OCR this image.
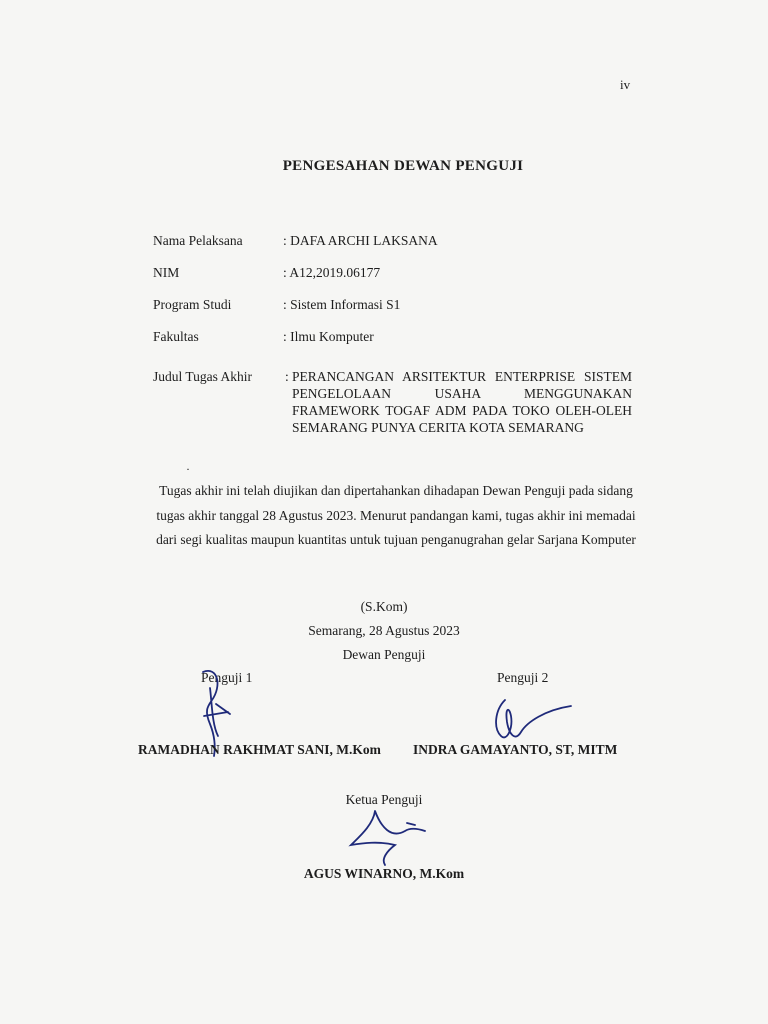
iv
PENGESAHAN DEWAN PENGUJI
Nama Pelaksana	: DAFA ARCHI LAKSANA
NIM	: A12,2019.06177
Program Studi	: Sistem Informasi S1
Fakultas	: Ilmu Komputer
Judul Tugas Akhir : PERANCANGAN ARSITEKTUR ENTERPRISE SISTEM PENGELOLAAN USAHA MENGGUNAKAN FRAMEWORK TOGAF ADM PADA TOKO OLEH-OLEH SEMARANG PUNYA CERITA KOTA SEMARANG
·
Tugas akhir ini telah diujikan dan dipertahankan dihadapan Dewan Penguji pada sidang tugas akhir tanggal 28 Agustus 2023. Menurut pandangan kami, tugas akhir ini memadai dari segi kualitas maupun kuantitas untuk tujuan penganugrahan gelar Sarjana Komputer
(S.Kom)
Semarang, 28 Agustus 2023
Dewan Penguji
Penguji 1	Penguji 2
RAMADHAN RAKHMAT SANI, M.Kom INDRA GAMAYANTO, ST, MITM
Ketua Penguji
AGUS WINARNO, M.Kom
